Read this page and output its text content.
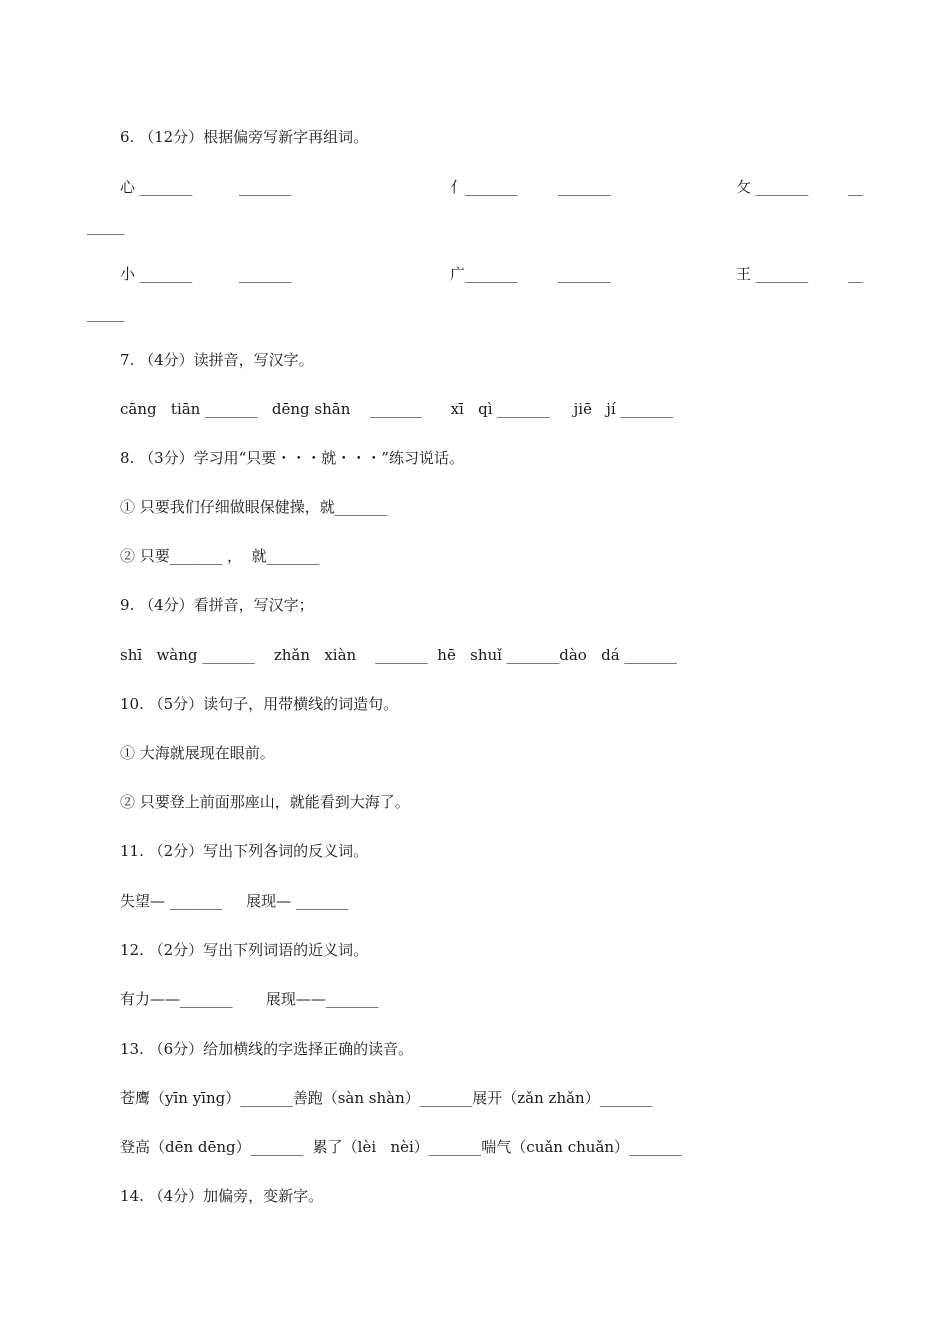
6. （12分）根据偏旁写新字再组词。
心 _______	_______	亻_______	_______	攵 _______	__
_____
小 _______	_______	广_______	_______	王 _______	__
_____
7. （4分）读拼音，写汉字。
cāng   tiān _______   dēng shān    _______      xī   qì _______     jiē   jí _______
8. （3分）学习用“只要・・・就・・・”练习说话。
① 只要我们仔细做眼保健操，就_______
② 只要_______ ，  就_______
9. （4分）看拼音，写汉字；
shī   wàng _______    zhǎn   xiàn    _______  hē   shuǐ _______dào   dá _______
10. （5分）读句子，用带横线的词造句。
① 大海就展现在眼前。
② 只要登上前面那座山，就能看到大海了。
11. （2分）写出下列各词的反义词。
失望— _______     展现— _______
12. （2分）写出下列词语的近义词。
有力——_______       展现——_______
13. （6分）给加横线的字选择正确的读音。
苍鹰（yīn yīng）_______善跑（sàn shàn）_______展开（zǎn zhǎn）_______
登高（dēn dēng）_______  累了（lèi   nèi）_______喘气（cuǎn chuǎn）_______
14. （4分）加偏旁，变新字。
